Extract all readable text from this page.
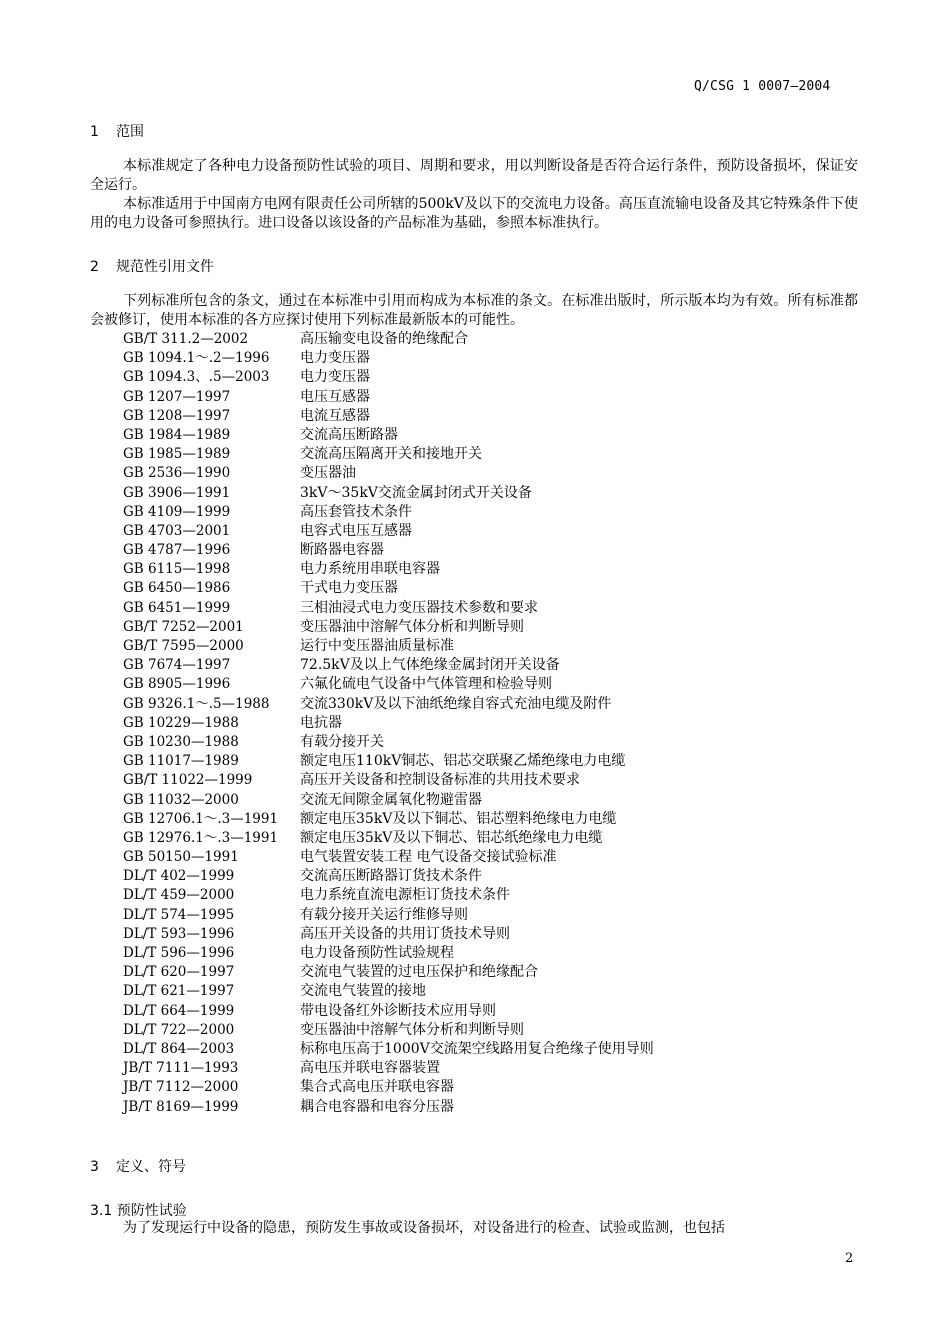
Q/CSG 1 0007—2004
1 范围
本标准规定了各种电力设备预防性试验的项目、周期和要求，用以判断设备是否符合运行条件，预防设备损坏，保证安全运行。
本标准适用于中国南方电网有限责任公司所辖的500kV及以下的交流电力设备。高压直流输电设备及其它特殊条件下使用的电力设备可参照执行。进口设备以该设备的产品标准为基础，参照本标准执行。
2 规范性引用文件
下列标准所包含的条文，通过在本标准中引用而构成为本标准的条文。在标准出版时，所示版本均为有效。所有标准都会被修订，使用本标准的各方应探讨使用下列标准最新版本的可能性。
GB/T 311.2—2002	高压输变电设备的绝缘配合
GB 1094.1～.2—1996 电力变压器
GB 1094.3、.5—2003 电力变压器
GB 1207—1997	电压互感器
GB 1208—1997	电流互感器
GB 1984—1989	交流高压断路器
GB 1985—1989	交流高压隔离开关和接地开关
GB 2536—1990	变压器油
GB 3906—1991	3kV～35kV交流金属封闭式开关设备
GB 4109—1999	高压套管技术条件
GB 4703—2001	电容式电压互感器
GB 4787—1996	断路器电容器
GB 6115—1998	电力系统用串联电容器
GB 6450—1986	干式电力变压器
GB 6451—1999	三相油浸式电力变压器技术参数和要求
GB/T 7252—2001	变压器油中溶解气体分析和判断导则
GB/T 7595—2000	运行中变压器油质量标准
GB 7674—1997	72.5kV及以上气体绝缘金属封闭开关设备
GB 8905—1996	六氟化硫电气设备中气体管理和检验导则
GB 9326.1～.5—1988 交流330kV及以下油纸绝缘自容式充油电缆及附件
GB 10229—1988	电抗器
GB 10230—1988	有载分接开关
GB 11017—1989	额定电压110kV铜芯、铝芯交联聚乙烯绝缘电力电缆
GB/T 11022—1999	高压开关设备和控制设备标准的共用技术要求
GB 11032—2000	交流无间隙金属氧化物避雷器
GB 12706.1～.3—1991 额定电压35kV及以下铜芯、铝芯塑料绝缘电力电缆
GB 12976.1～.3—1991 额定电压35kV及以下铜芯、铝芯纸绝缘电力电缆
GB 50150—1991	电气装置安装工程 电气设备交接试验标准
DL/T 402—1999	交流高压断路器订货技术条件
DL/T 459—2000	电力系统直流电源柜订货技术条件
DL/T 574—1995	有载分接开关运行维修导则
DL/T 593—1996	高压开关设备的共用订货技术导则
DL/T 596—1996	电力设备预防性试验规程
DL/T 620—1997	交流电气装置的过电压保护和绝缘配合
DL/T 621—1997	交流电气装置的接地
DL/T 664—1999	带电设备红外诊断技术应用导则
DL/T 722—2000	变压器油中溶解气体分析和判断导则
DL/T 864—2003	标称电压高于1000V交流架空线路用复合绝缘子使用导则
JB/T 7111—1993	高电压并联电容器装置
JB/T 7112—2000	集合式高电压并联电容器
JB/T 8169—1999	耦合电容器和电容分压器
3 定义、符号
3.1 预防性试验
为了发现运行中设备的隐患，预防发生事故或设备损坏，对设备进行的检查、试验或监测，也包括
2
